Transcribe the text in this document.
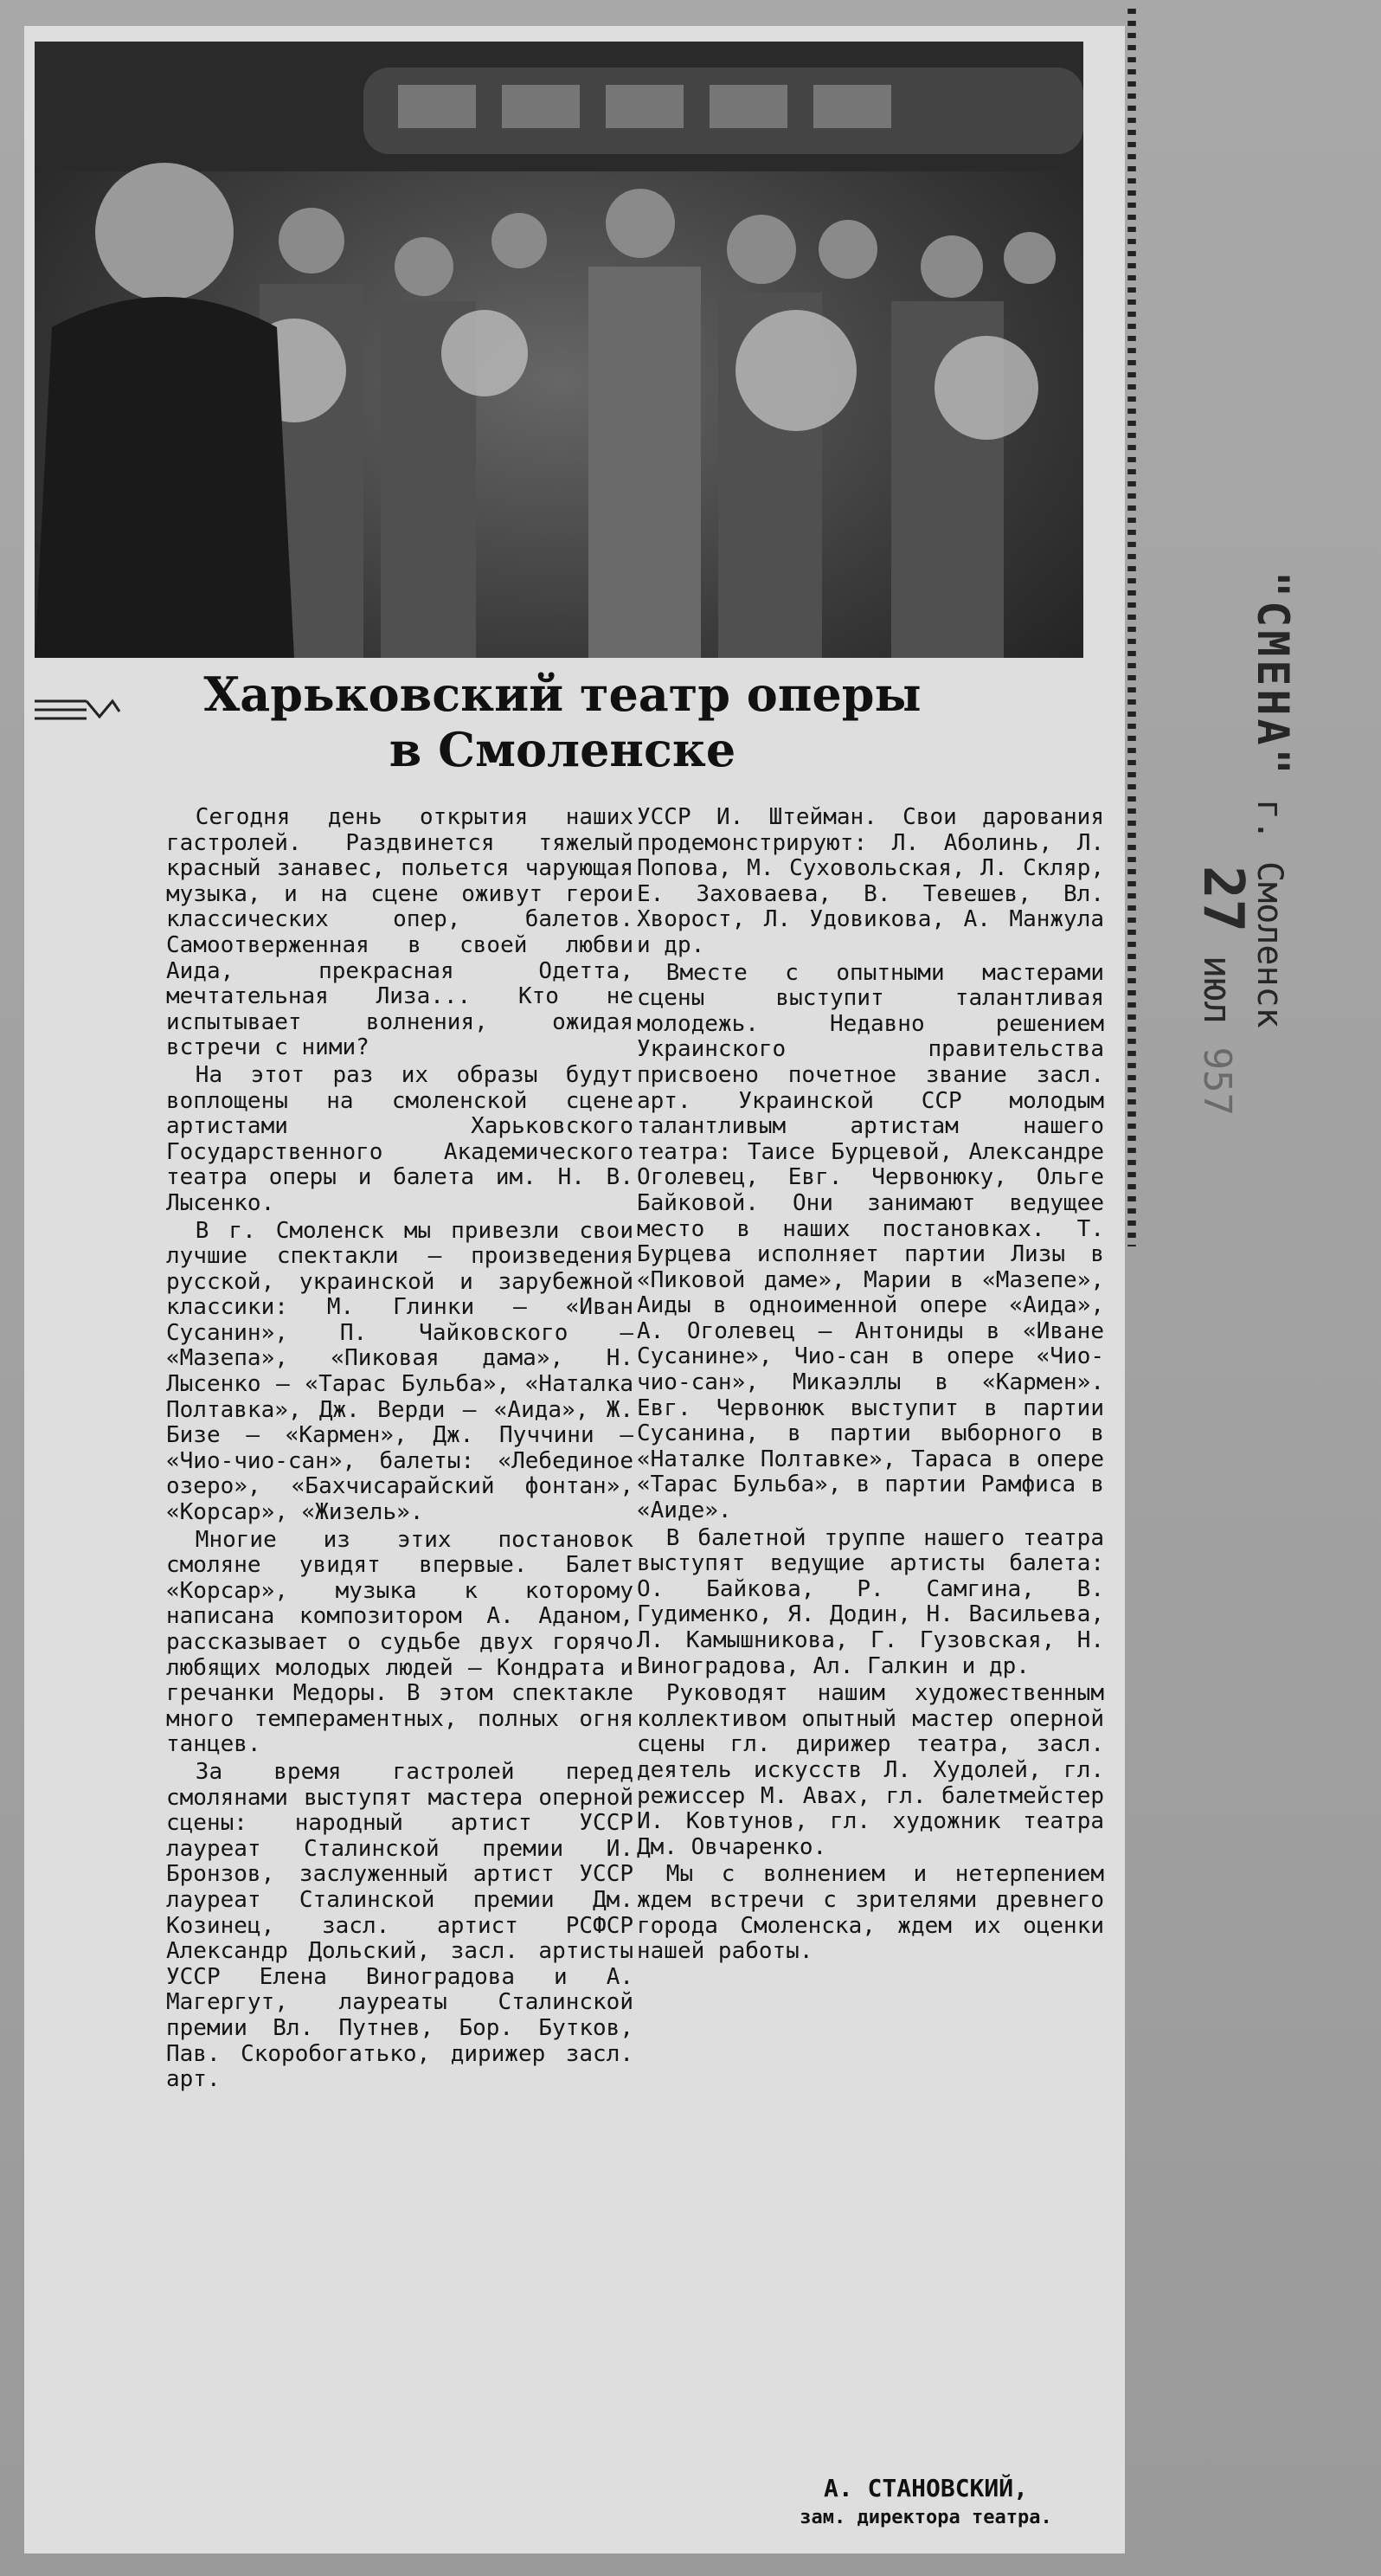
Харьковский театр оперы
в Смоленске

Сегодня день открытия наших гастролей. Раздвинется тяжелый красный занавес, польется чарующая музыка, и на сцене оживут герои классических опер, балетов. Самоотверженная в своей любви Аида, прекрасная Одетта, мечтательная Лиза... Кто не испытывает волнения, ожидая встречи с ними?

На этот раз их образы будут воплощены на смоленской сцене артистами Харьковского Государственного Академического театра оперы и балета им. Н. В. Лысенко.

В г. Смоленск мы привезли свои лучшие спектакли — произведения русской, украинской и зарубежной классики: М. Глинки — «Иван Сусанин», П. Чайковского — «Мазепа», «Пиковая дама», Н. Лысенко — «Тарас Бульба», «Наталка Полтавка», Дж. Верди — «Аида», Ж. Бизе — «Кармен», Дж. Пуччини — «Чио-чио-сан», балеты: «Лебединое озеро», «Бахчисарайский фонтан», «Корсар», «Жизель».

Многие из этих постановок смоляне увидят впервые. Балет «Корсар», музыка к которому написана композитором А. Аданом, рассказывает о судьбе двух горячо любящих молодых людей — Кондрата и гречанки Медоры. В этом спектакле много темпераментных, полных огня танцев.

За время гастролей перед смолянами выступят мастера оперной сцены: народный артист УССР лауреат Сталинской премии И. Бронзов, заслуженный артист УССР лауреат Сталинской премии Дм. Козинец, засл. артист РСФСР Александр Дольский, засл. артисты УССР Елена Виноградова и А. Магергут, лауреаты Сталинской премии Вл. Путнев, Бор. Бутков, Пав. Скоробогатько, дирижер засл. арт.

УССР И. Штейман. Свои дарования продемонстрируют: Л. Аболинь, Л. Попова, М. Суховольская, Л. Скляр, Е. Заховаева, В. Тевешев, Вл. Хворост, Л. Удовикова, А. Манжула и др.

Вместе с опытными мастерами сцены выступит талантливая молодежь. Недавно решением Украинского правительства присвоено почетное звание засл. арт. Украинской ССР молодым талантливым артистам нашего театра: Таисе Бурцевой, Александре Оголевец, Евг. Червонюку, Ольге Байковой. Они занимают ведущее место в наших постановках. Т. Бурцева исполняет партии Лизы в «Пиковой даме», Марии в «Мазепе», Аиды в одноименной опере «Аида», А. Оголевец — Антониды в «Иване Сусанине», Чио-сан в опере «Чио-чио-сан», Микаэллы в «Кармен». Евг. Червонюк выступит в партии Сусанина, в партии выборного в «Наталке Полтавке», Тараса в опере «Тарас Бульба», в партии Рамфиса в «Аиде».

В балетной труппе нашего театра выступят ведущие артисты балета: О. Байкова, Р. Самгина, В. Гудименко, Я. Додин, Н. Васильева, Л. Камышникова, Г. Гузовская, Н. Виноградова, Ал. Галкин и др.

Руководят нашим художественным коллективом опытный мастер оперной сцены гл. дирижер театра, засл. деятель искусств Л. Худолей, гл. режиссер М. Авах, гл. балетмейстер И. Ковтунов, гл. художник театра Дм. Овчаренко.

Мы с волнением и нетерпением ждем встречи с зрителями древнего города Смоленска, ждем их оценки нашей работы.

А. СТАНОВСКИЙ,
зам. директора театра.
"СМЕНА" г. Смоленск
27 июл 957
